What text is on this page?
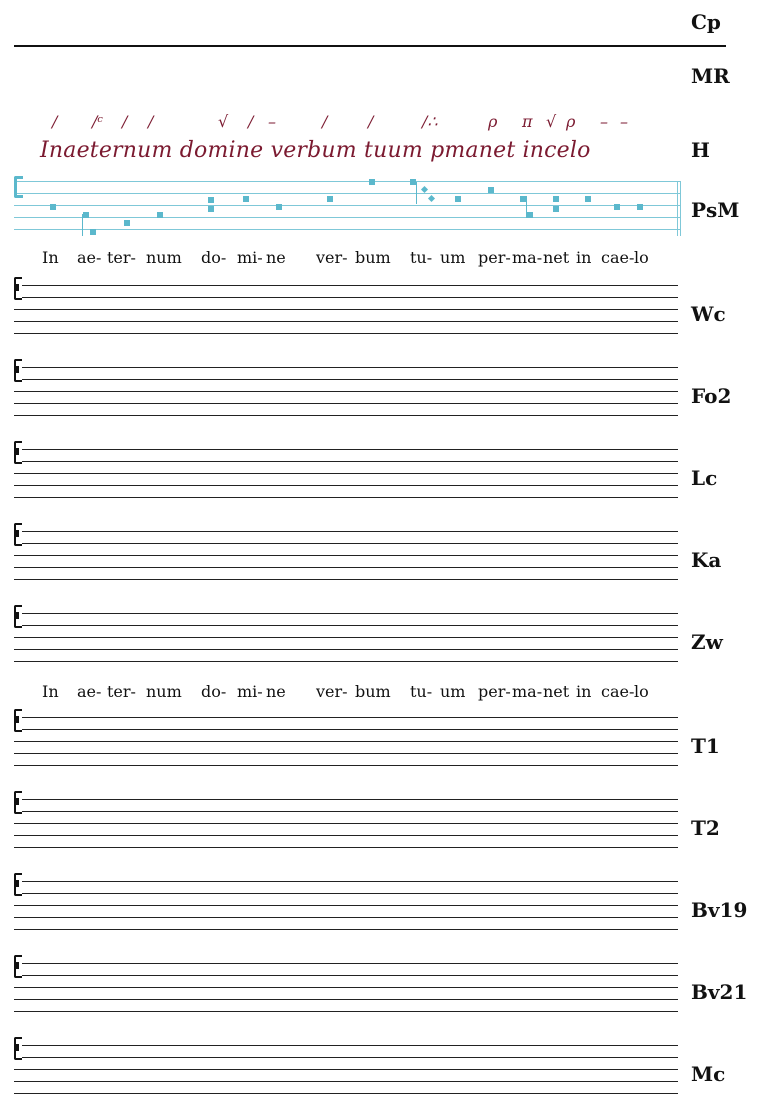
Cp
MR
/ ∕ᶜ / /	√ / –	/	/	/∴	ρ π √ ρ – –
Inaeternum domine verbum tuum pmanet incelo	H
PsM
In ae- ter- num do- mi- ne ver- bum tu- um per- ma- net in cae- lo
Wc
Fo2
Lc
Ka
Zw
In ae- ter- num do- mi- ne ver- bum tu- um per- ma- net in cae- lo
T1
T2
Bv19
Bv21
Mc
